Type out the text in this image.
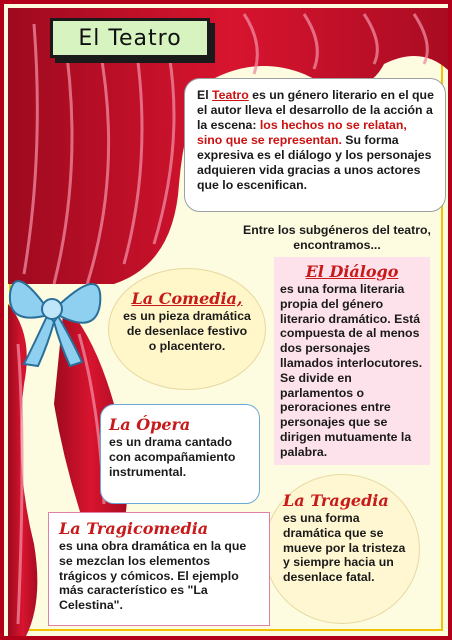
El Teatro
El Teatro es un género literario en el que el autor lleva el desarrollo de la acción a la escena: los hechos no se relatan, sino que se representan. Su forma expresiva es el diálogo y los personajes adquieren vida gracias a unos actores que lo escenifican.
Entre los subgéneros del teatro, encontramos...
El Diálogo
es una forma literaria propia del género literario dramático. Está compuesta de al menos dos personajes llamados interlocutores. Se divide en parlamentos o peroraciones entre personajes que se dirigen mutuamente la palabra.
La Comedia,
es un pieza dramática de desenlace festivo o placentero.
La Ópera
es un drama cantado con acompañamiento instrumental.
La Tragedia
es una forma dramática que se mueve por la tristeza y siempre hacia un desenlace fatal.
La Tragicomedia
es una obra dramática en la que se mezclan los elementos trágicos y cómicos. El ejemplo más característico es "La Celestina".
